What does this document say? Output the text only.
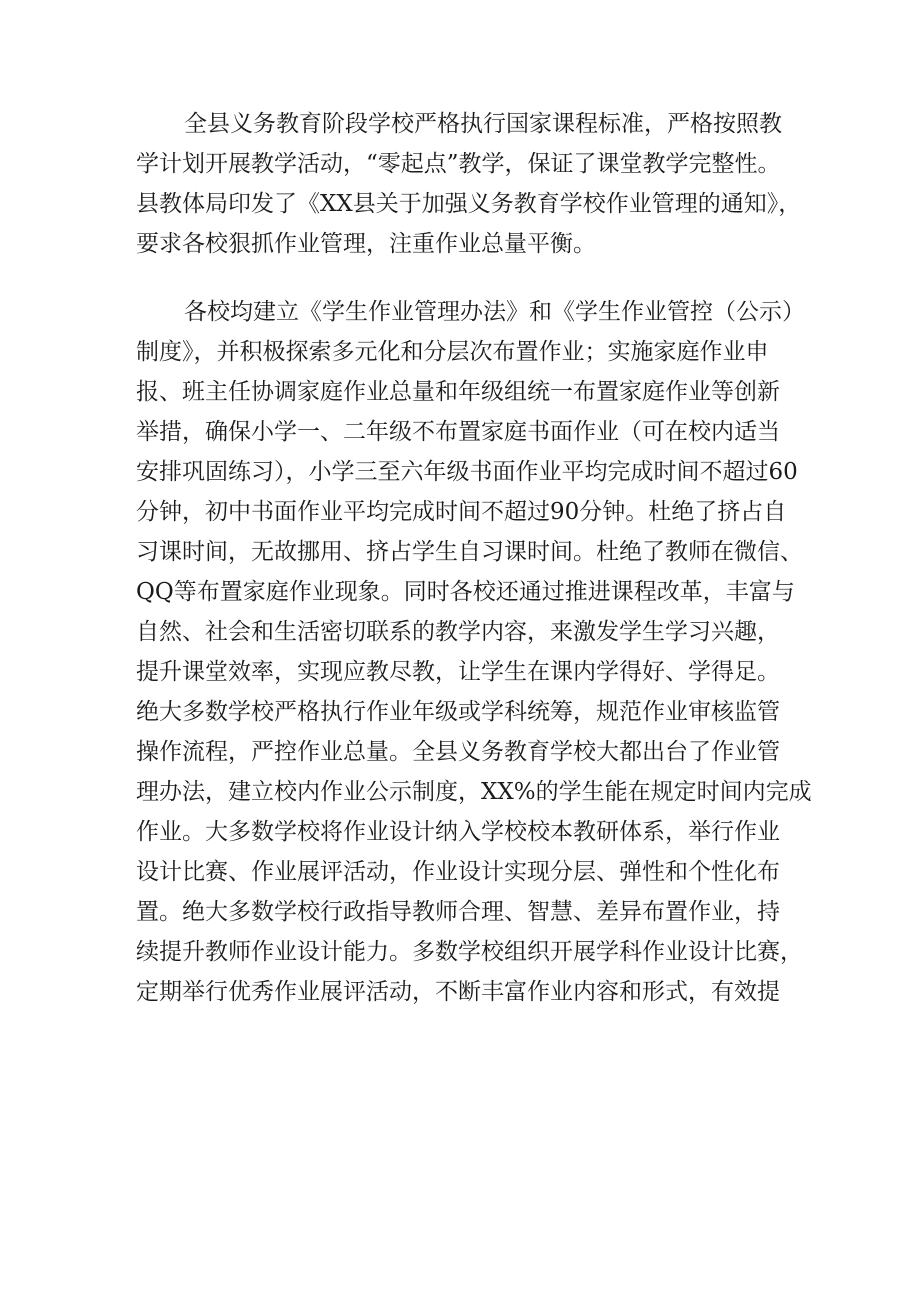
全县义务教育阶段学校严格执行国家课程标准，严格按照教
学计划开展教学活动，“零起点”教学，保证了课堂教学完整性。
县教体局印发了《XX县关于加强义务教育学校作业管理的通知》，
要求各校狠抓作业管理，注重作业总量平衡。
各校均建立《学生作业管理办法》和《学生作业管控（公示）
制度》，并积极探索多元化和分层次布置作业；实施家庭作业申
报、班主任协调家庭作业总量和年级组统一布置家庭作业等创新
举措，确保小学一、二年级不布置家庭书面作业（可在校内适当
安排巩固练习），小学三至六年级书面作业平均完成时间不超过60
分钟，初中书面作业平均完成时间不超过90分钟。杜绝了挤占自
习课时间，无故挪用、挤占学生自习课时间。杜绝了教师在微信、
QQ等布置家庭作业现象。同时各校还通过推进课程改革，丰富与
自然、社会和生活密切联系的教学内容，来激发学生学习兴趣，
提升课堂效率，实现应教尽教，让学生在课内学得好、学得足。
绝大多数学校严格执行作业年级或学科统筹，规范作业审核监管
操作流程，严控作业总量。全县义务教育学校大都出台了作业管
理办法，建立校内作业公示制度，XX%的学生能在规定时间内完成
作业。大多数学校将作业设计纳入学校校本教研体系，举行作业
设计比赛、作业展评活动，作业设计实现分层、弹性和个性化布
置。绝大多数学校行政指导教师合理、智慧、差异布置作业，持
续提升教师作业设计能力。多数学校组织开展学科作业设计比赛，
定期举行优秀作业展评活动，不断丰富作业内容和形式，有效提
